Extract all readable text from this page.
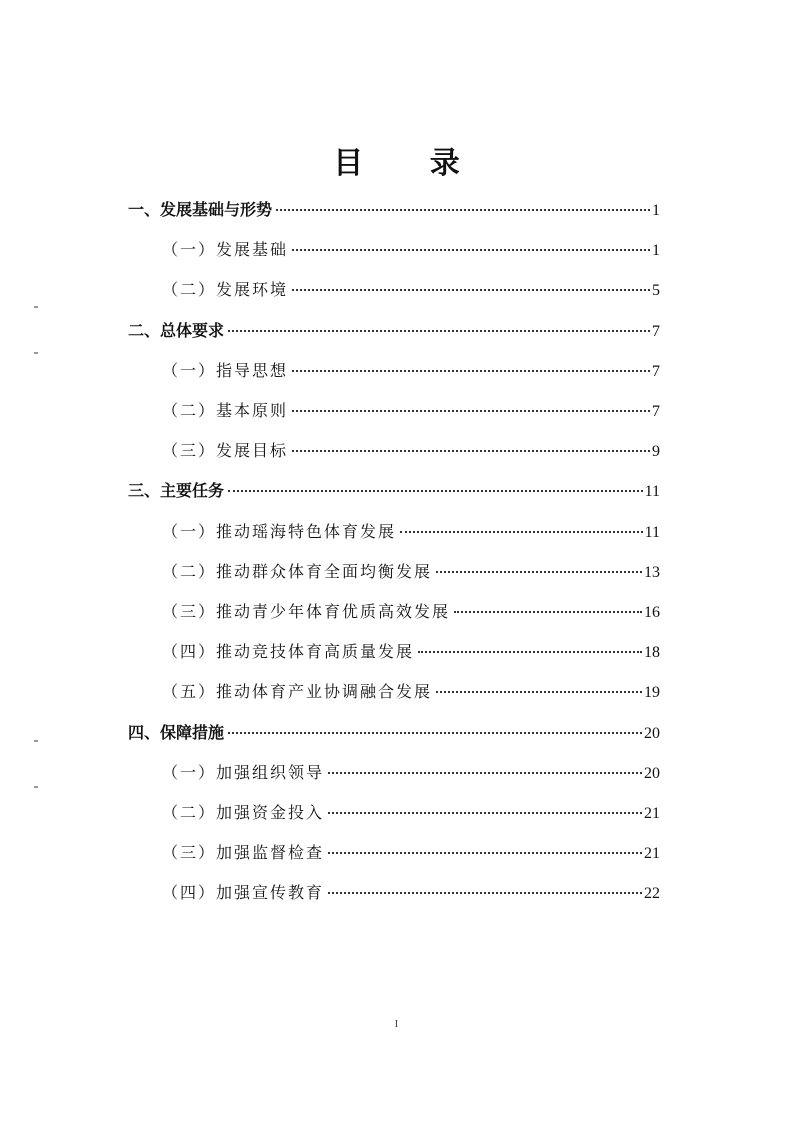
目 录
一、发展基础与形势	1
（一）发展基础	1
（二）发展环境	5
二、总体要求	7
（一）指导思想	7
（二）基本原则	7
（三）发展目标	9
三、主要任务	11
（一）推动瑶海特色体育发展	11
（二）推动群众体育全面均衡发展	13
（三）推动青少年体育优质高效发展	16
（四）推动竞技体育高质量发展	18
（五）推动体育产业协调融合发展	19
四、保障措施	20
（一）加强组织领导	20
（二）加强资金投入	21
（三）加强监督检查	21
（四）加强宣传教育	22
I
